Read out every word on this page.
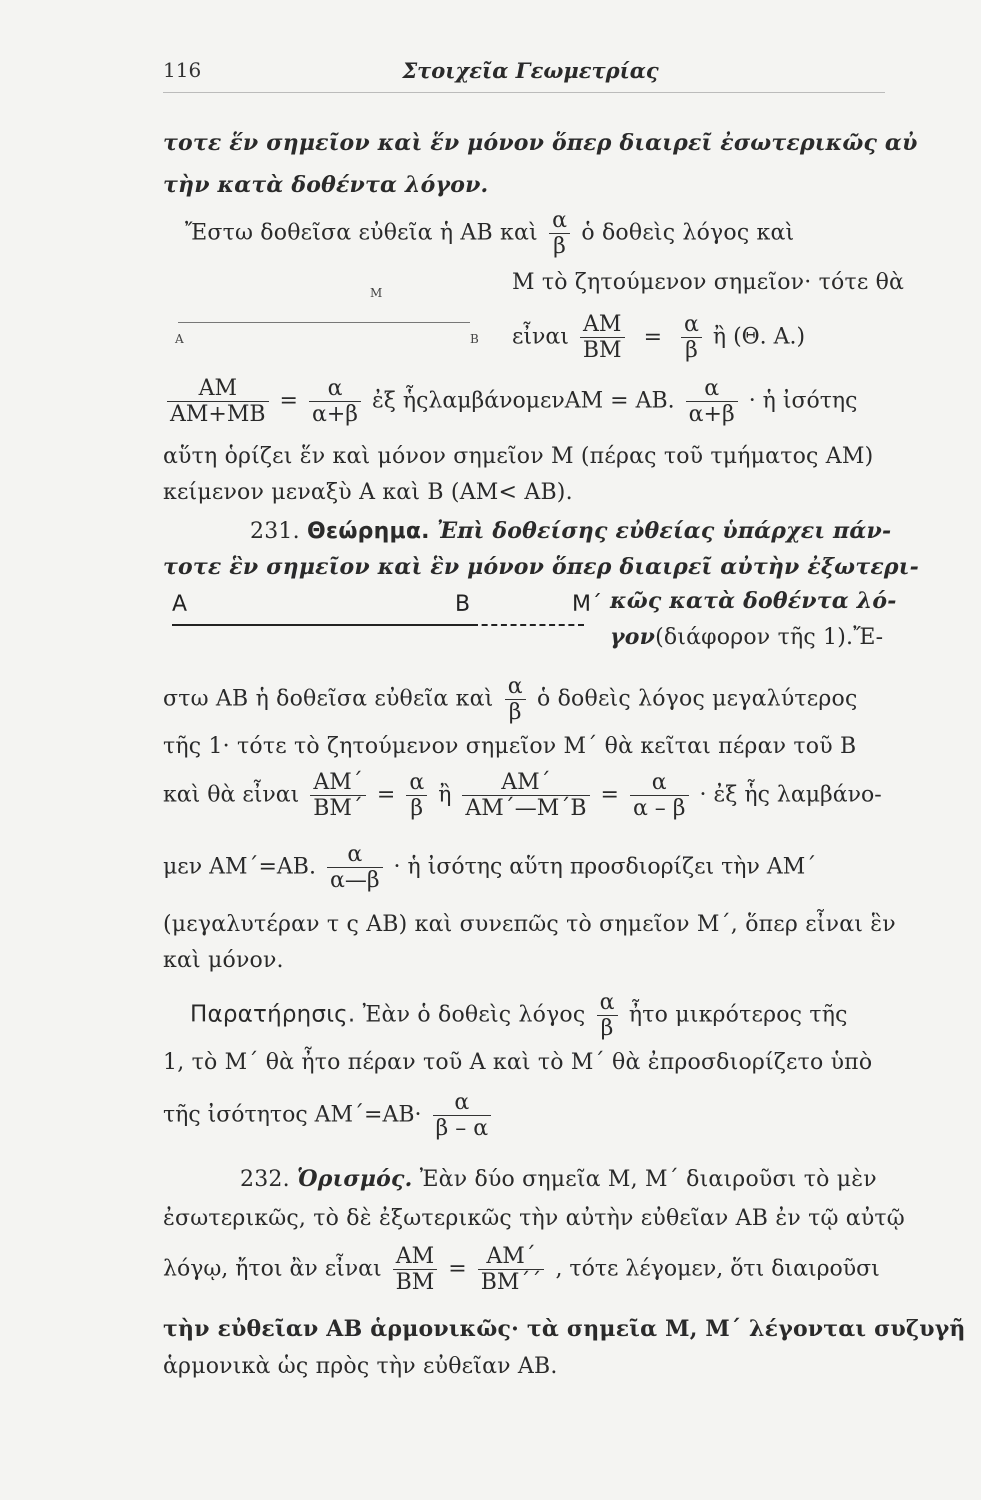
116	Στοιχεῖα Γεωμετρίας
τοτε ἕν σημεῖον καὶ ἕν μόνον ὅπερ διαιρεῖ ἐσωτερικῶς αὐ
τὴν κατὰ δοθέντα λόγον.
Ἔστω δοθεῖσα εὐθεῖα ἡ ΑΒ καὶ $\frac{\alpha}{\beta}$ ὁ δοθεὶς λόγος καὶ
Μ
Α	Β
Μ τὸ ζητούμενον σημεῖον· τότε θὰ
εἶναι $\frac{AM}{BM} = \frac{\alpha}{\beta}$ ἢ (Θ. Α.)
$\frac{AM}{AM+MB} = \frac{\alpha}{\alpha+\beta}$ ἐξ ἧςλαμβάνομενΑΜ = ΑΒ. $\frac{\alpha}{\alpha+\beta}$ · ἡ ἰσότης
αὕτη ὁρίζει ἕν καὶ μόνον σημεῖον Μ (πέρας τοῦ τμήματος ΑΜ)
κείμενον μεναξὺ Α καὶ Β (ΑΜ< ΑΒ).
231. Θεώρημα. Ἐπὶ δοθείσης εὐθείας ὑπάρχει πάν-
τοτε ἓν σημεῖον καὶ ἓν μόνον ὅπερ διαιρεῖ αὐτὴν ἐξωτερι-
Α	Β	Μ΄ κῶς κατὰ δοθέντα λό-
γον(διάφορον τῆς 1).Ἔ-
στω ΑΒ ἡ δοθεῖσα εὐθεῖα καὶ $\frac{\alpha}{\beta}$ ὁ δοθεὶς λόγος μεγαλύτερος
τῆς 1· τότε τὸ ζητούμενον σημεῖον Μ΄ θὰ κεῖται πέραν τοῦ Β
καὶ θὰ εἶναι $\frac{AM΄}{BM΄} = \frac{\alpha}{\beta}$ ἢ $\frac{AM΄}{AM΄—M΄B} = \frac{\alpha}{\alpha - \beta}$ · ἐξ ἧς λαμβάνο-
μεν ΑΜ΄=ΑΒ. $\frac{\alpha}{\alpha—\beta}$ · ἡ ἰσότης αὕτη προσδιορίζει τὴν ΑΜ΄
(μεγαλυτέραν τ ς ΑΒ) καὶ συνεπῶς τὸ σημεῖον Μ΄, ὅπερ εἶναι ἓν
καὶ μόνον.
Παρατήρησις. Ἐὰν ὁ δοθεὶς λόγος $\frac{\alpha}{\beta}$ ἦτο μικρότερος τῆς
1, τὸ Μ΄ θὰ ἦτο πέραν τοῦ Α καὶ τὸ Μ΄ θὰ ἐπροσδιορίζετο ὑπὸ
τῆς ἰσότητος $AM΄=AB\cdot \frac{\alpha}{\beta - \alpha}$
232. Ὁρισμός. Ἐὰν δύο σημεῖα Μ, Μ΄ διαιροῦσι τὸ μὲν
ἐσωτερικῶς, τὸ δὲ ἐξωτερικῶς τὴν αὐτὴν εὐθεῖαν ΑΒ ἐν τῷ αὐτῷ
λόγῳ, ἤτοι ἂν εἶναι $\frac{AM}{BM} = \frac{AM΄}{BM΄΄}$ , τότε λέγομεν, ὅτι διαιροῦσι
τὴν εὐθεῖαν ΑΒ ἁρμονικῶς· τὰ σημεῖα Μ, Μ΄ λέγονται συζυγῆ
ἁρμονικὰ ὡς πρὸς τὴν εὐθεῖαν ΑΒ.
